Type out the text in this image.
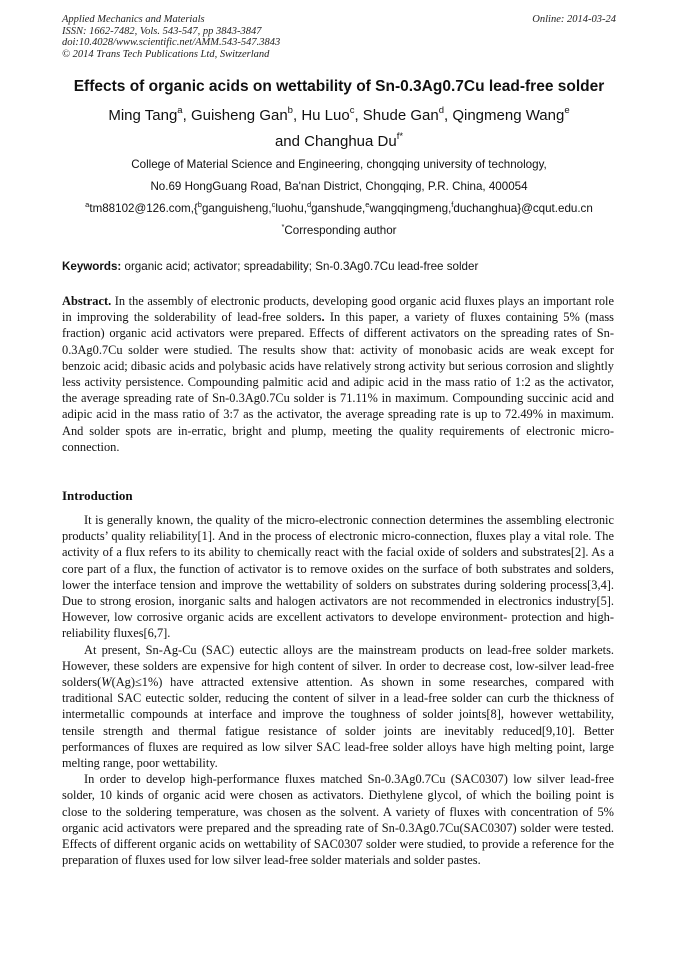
Applied Mechanics and Materials
ISSN: 1662-7482, Vols. 543-547, pp 3843-3847
doi:10.4028/www.scientific.net/AMM.543-547.3843
© 2014 Trans Tech Publications Ltd, Switzerland
Online: 2014-03-24
Effects of organic acids on wettability of Sn-0.3Ag0.7Cu lead-free solder
Ming Tang$^a$, Guisheng Gan$^b$, Hu Luo$^c$, Shude Gan$^d$, Qingmeng Wang$^e$
and Changhua $Du^{f*}$
College of Material Science and Engineering, chongqing university of technology,
No.69 HongGuang Road, Ba'nan District, Chongqing, P.R. China, 400054
$^a$tm88102@126.com,{$^b$ganguisheng,$^c$luohu,$^d$ganshude,$^e$wangqingmeng,$^f$duchanghua}@cqut.edu.cn
*Corresponding author
Keywords: organic acid; activator; spreadability; Sn-0.3Ag0.7Cu lead-free solder

Abstract. In the assembly of electronic products, developing good organic acid fluxes plays an important role in improving the solderability of lead-free solders. In this paper, a variety of fluxes containing 5% (mass fraction) organic acid activators were prepared. Effects of different activators on the spreading rates of Sn-0.3Ag0.7Cu solder were studied. The results show that: activity of monobasic acids are weak except for benzoic acid; dibasic acids and polybasic acids have relatively strong activity but serious corrosion and slightly less activity persistence. Compounding palmitic acid and adipic acid in the mass ratio of 1:2 as the activator, the average spreading rate of Sn-0.3Ag0.7Cu solder is 71.11% in maximum. Compounding succinic acid and adipic acid in the mass ratio of 3:7 as the activator, the average spreading rate is up to 72.49% in maximum. And solder spots are in-erratic, bright and plump, meeting the quality requirements of electronic micro-connection.

Introduction

It is generally known, the quality of the micro-electronic connection determines the assembling electronic products’ quality reliability[1]. And in the process of electronic micro-connection, fluxes play a vital role. The activity of a flux refers to its ability to chemically react with the facial oxide of solders and substrates[2]. As a core part of a flux, the function of activator is to remove oxides on the surface of both substrates and solders, lower the interface tension and improve the wettability of solders on substrates during soldering process[3,4]. Due to strong erosion, inorganic salts and halogen activators are not recommended in electronics industry[5]. However, low corrosive organic acids are excellent activators to develope environment- protection and high-reliability fluxes[6,7].

At present, Sn-Ag-Cu (SAC) eutectic alloys are the mainstream products on lead-free solder markets. However, these solders are expensive for high content of silver. In order to decrease cost, low-silver lead-free solders(W(Ag)≤1%) have attracted extensive attention. As shown in some researches, compared with traditional SAC eutectic solder, reducing the content of silver in a lead-free solder can curb the thickness of intermetallic compounds at interface and improve the toughness of solder joints[8], however wettability, tensile strength and thermal fatigue resistance of solder joints are inevitably reduced[9,10]. Better performances of fluxes are required as low silver SAC lead-free solder alloys have high melting point, large melting range, poor wettability.

In order to develop high-performance fluxes matched Sn-0.3Ag0.7Cu (SAC0307) low silver lead-free solder, 10 kinds of organic acid were chosen as activators. Diethylene glycol, of which the boiling point is close to the soldering temperature, was chosen as the solvent. A variety of fluxes with concentration of 5% organic acid activators were prepared and the spreading rate of Sn-0.3Ag0.7Cu(SAC0307) solder were tested. Effects of different organic acids on wettability of SAC0307 solder were studied, to provide a reference for the preparation of fluxes used for low silver lead-free solder materials and solder pastes.
